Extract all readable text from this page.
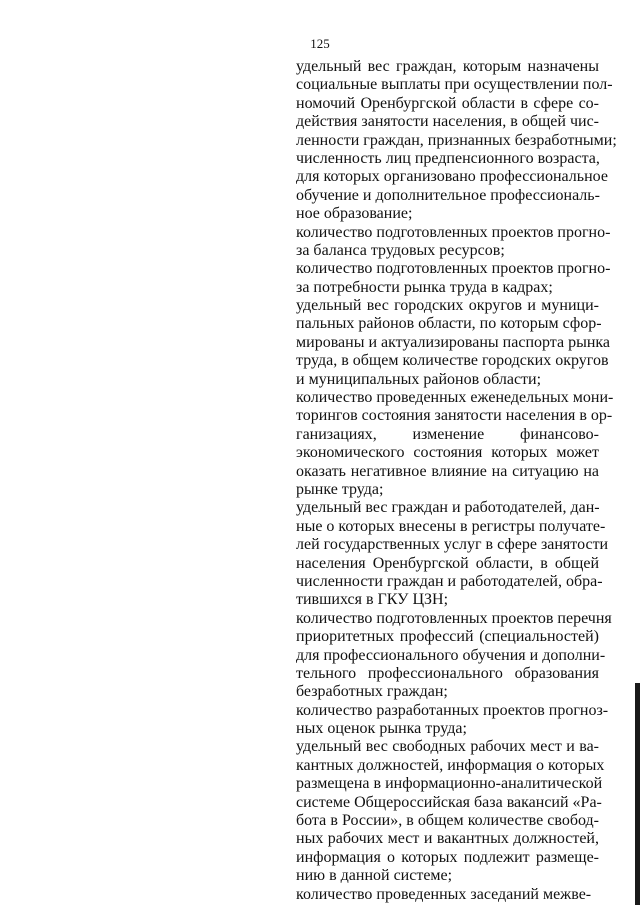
125
удельный вес граждан, которым назначены
социальные выплаты при осуществлении пол-
номочий Оренбургской области в сфере со-
действия занятости населения, в общей чис-
ленности граждан, признанных безработными;
численность лиц предпенсионного возраста,
для которых организовано профессиональное
обучение и дополнительное профессиональ-
ное образование;
количество подготовленных проектов прогно-
за баланса трудовых ресурсов;
количество подготовленных проектов прогно-
за потребности рынка труда в кадрах;
удельный вес городских округов и муници-
пальных районов области, по которым сфор-
мированы и актуализированы паспорта рынка
труда, в общем количестве городских округов
и муниципальных районов области;
количество проведенных еженедельных мони-
торингов состояния занятости населения в ор-
ганизациях, изменение финансово-
экономического состояния которых может
оказать негативное влияние на ситуацию на
рынке труда;
удельный вес граждан и работодателей, дан-
ные о которых внесены в регистры получате-
лей государственных услуг в сфере занятости
населения Оренбургской области, в общей
численности граждан и работодателей, обра-
тившихся в ГКУ ЦЗН;
количество подготовленных проектов перечня
приоритетных профессий (специальностей)
для профессионального обучения и дополни-
тельного профессионального образования
безработных граждан;
количество разработанных проектов прогноз-
ных оценок рынка труда;
удельный вес свободных рабочих мест и ва-
кантных должностей, информация о которых
размещена в информационно-аналитической
системе Общероссийская база вакансий «Ра-
бота в России», в общем количестве свобод-
ных рабочих мест и вакантных должностей,
информация о которых подлежит размеще-
нию в данной системе;
количество проведенных заседаний межве-
